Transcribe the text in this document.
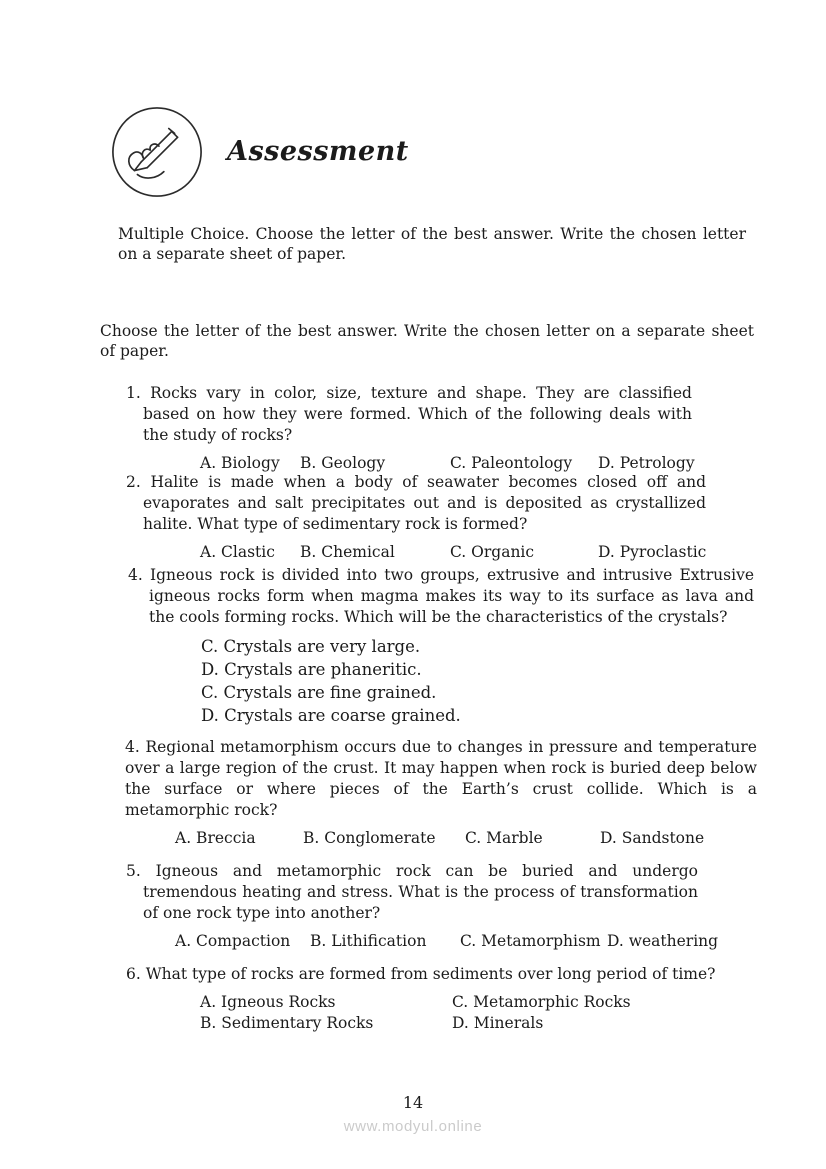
Assessment
Multiple Choice. Choose the letter of the best answer. Write the chosen letter on a separate sheet of paper.
Choose the letter of the best answer. Write the chosen letter on a separate sheet of paper.
1. Rocks vary in color, size, texture and shape. They are classified based on how they were formed. Which of the following deals with the study of rocks?
A. Biology B. Geology	C. Paleontology D. Petrology
2. Halite is made when a body of seawater becomes closed off and evaporates and salt precipitates out and is deposited as crystallized halite. What type of sedimentary rock is formed?
A. Clastic B. Chemical	C. Organic	D. Pyroclastic
4. Igneous rock is divided into two groups, extrusive and intrusive Extrusive igneous rocks form when magma makes its way to its surface as lava and the cools forming rocks. Which will be the characteristics of the crystals?
C. Crystals are very large.
D. Crystals are phaneritic.
C. Crystals are fine grained.
D. Crystals are coarse grained.
4. Regional metamorphism occurs due to changes in pressure and temperature over a large region of the crust. It may happen when rock is buried deep below the surface or where pieces of the Earth’s crust collide. Which is a metamorphic rock?
A. Breccia	B. Conglomerate C. Marble	D. Sandstone
5. Igneous and metamorphic rock can be buried and undergo tremendous heating and stress. What is the process of transformation of one rock type into another?
A. Compaction B. Lithification C. Metamorphism D. weathering
6. What type of rocks are formed from sediments over long period of time?
A. Igneous Rocks	C. Metamorphic Rocks
B. Sedimentary Rocks	D. Minerals
14
www.modyul.online
